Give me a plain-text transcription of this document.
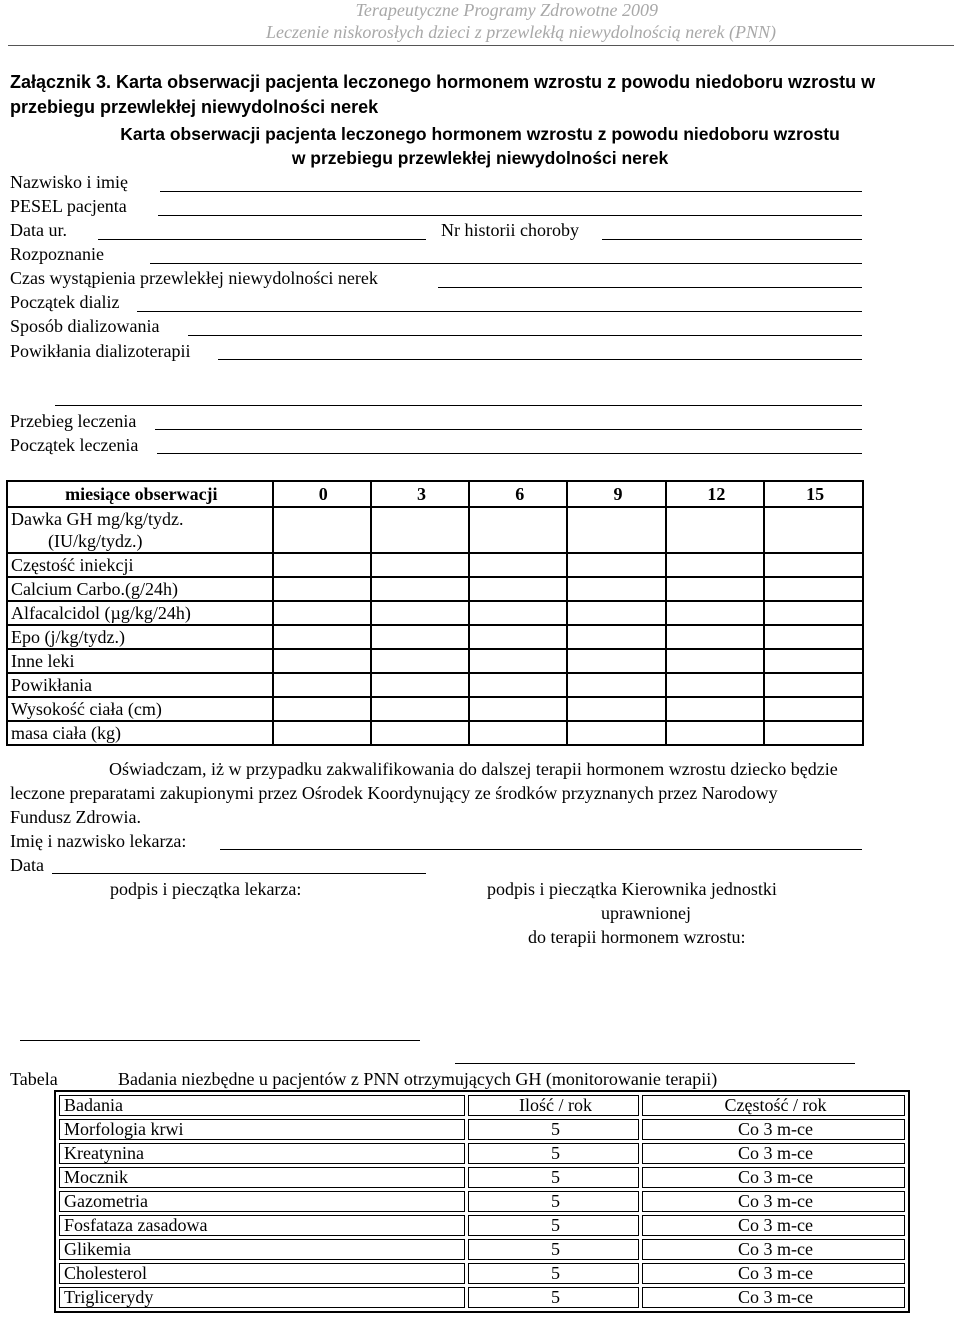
Terapeutyczne Programy Zdrowotne 2009
Leczenie niskorosłych dzieci z przewlekłą niewydolnością nerek (PNN)
Załącznik 3. Karta obserwacji pacjenta leczonego hormonem wzrostu z powodu niedoboru wzrostu w przebiegu przewlekłej niewydolności nerek
Karta obserwacji pacjenta leczonego hormonem wzrostu z powodu niedoboru wzrostu
w przebiegu przewlekłej niewydolności nerek
Nazwisko i imię
PESEL pacjenta
Data ur.	Nr historii choroby
Rozpoznanie
Czas wystąpienia przewlekłej niewydolności nerek
Początek dializ
Sposób dializowania
Powikłania dializoterapii
Przebieg leczenia
Początek leczenia
miesiące obserwacji	0	3	6	9	12	15
Dawka GH mg/kg/tydz.						
(IU/kg/tydz.)						
Częstość iniekcji						
Calcium Carbo.(g/24h)						
Alfacalcidol (µg/kg/24h)						
Epo (j/kg/tydz.)						
Inne leki						
Powikłania						
Wysokość ciała (cm)						
masa ciała (kg)						
Oświadczam, iż w przypadku zakwalifikowania do dalszej terapii hormonem wzrostu dziecko będzie
leczone preparatami zakupionymi przez Ośrodek Koordynujący ze środków przyznanych przez Narodowy
Fundusz Zdrowia.
Imię i nazwisko lekarza:
Data
podpis i pieczątka lekarza:	podpis i pieczątka Kierownika jednostki
uprawnionej
do terapii hormonem wzrostu:
Tabela	Badania niezbędne u pacjentów z PNN otrzymujących GH (monitorowanie terapii)
Badania	Ilość / rok	Częstość / rok
Morfologia krwi	5	Co 3 m-ce
Kreatynina	5	Co 3 m-ce
Mocznik	5	Co 3 m-ce
Gazometria	5	Co 3 m-ce
Fosfataza zasadowa	5	Co 3 m-ce
Glikemia	5	Co 3 m-ce
Cholesterol	5	Co 3 m-ce
Triglicerydy	5	Co 3 m-ce
